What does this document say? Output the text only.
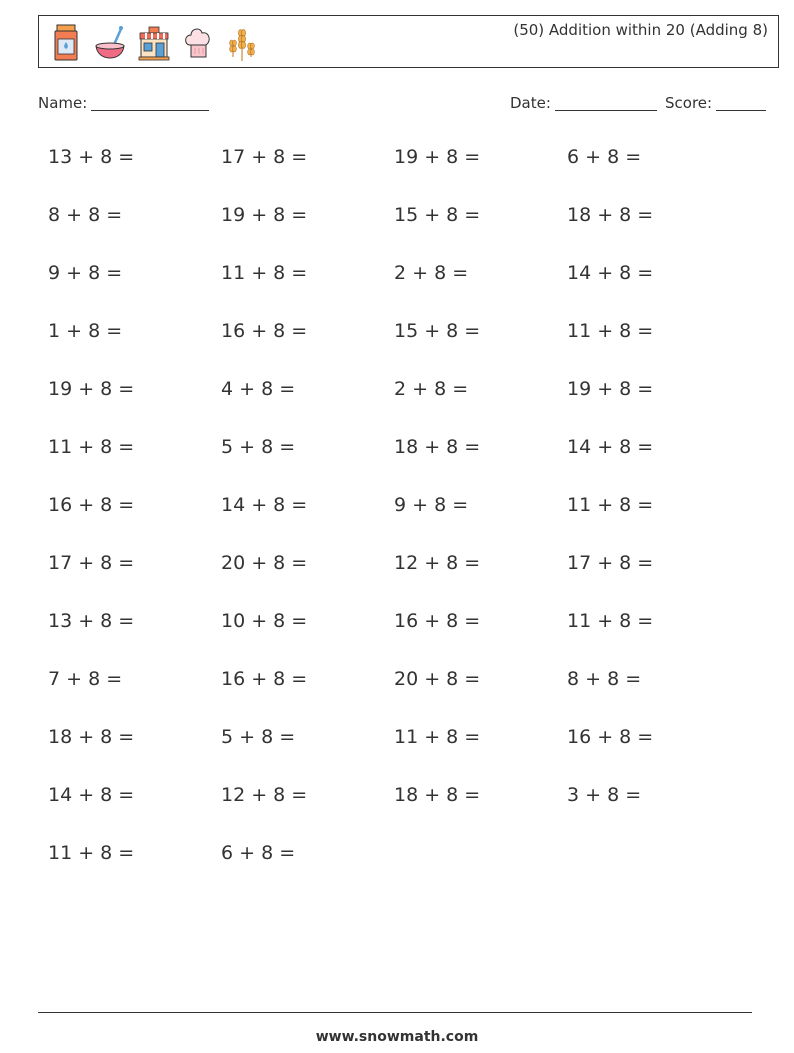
(50) Addition within 20 (Adding 8)
Name:	Date:	Score:
13 + 8 =	17 + 8 =	19 + 8 =	6 + 8 =
8 + 8 =	19 + 8 =	15 + 8 =	18 + 8 =
9 + 8 =	11 + 8 =	2 + 8 =	14 + 8 =
1 + 8 =	16 + 8 =	15 + 8 =	11 + 8 =
19 + 8 =	4 + 8 =	2 + 8 =	19 + 8 =
11 + 8 =	5 + 8 =	18 + 8 =	14 + 8 =
16 + 8 =	14 + 8 =	9 + 8 =	11 + 8 =
17 + 8 =	20 + 8 =	12 + 8 =	17 + 8 =
13 + 8 =	10 + 8 =	16 + 8 =	11 + 8 =
7 + 8 =	16 + 8 =	20 + 8 =	8 + 8 =
18 + 8 =	5 + 8 =	11 + 8 =	16 + 8 =
14 + 8 =	12 + 8 =	18 + 8 =	3 + 8 =
11 + 8 =	6 + 8 =
www.snowmath.com
